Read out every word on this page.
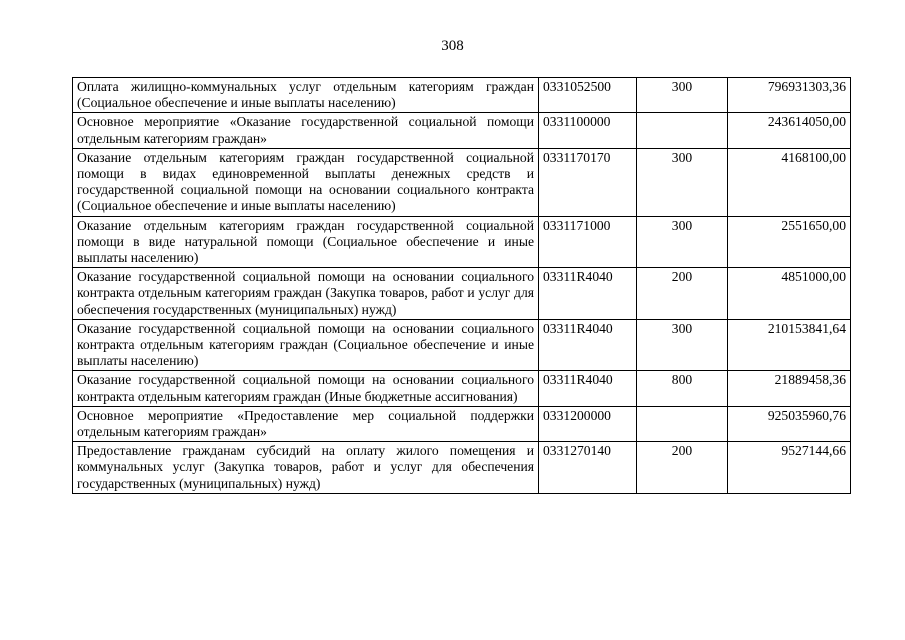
308
Оплата жилищно-коммунальных услуг отдельным категориям граждан (Социальное обеспечение и иные выплаты населению)	0331052500	300	796931303,36
Основное мероприятие «Оказание государственной социальной помощи отдельным категориям граждан»	0331100000		243614050,00
Оказание отдельным категориям граждан государственной социальной помощи в видах единовременной выплаты денежных средств и государственной социальной помощи на основании социального контракта (Социальное обеспечение и иные выплаты населению)	0331170170	300	4168100,00
Оказание отдельным категориям граждан государственной социальной помощи в виде натуральной помощи (Социальное обеспечение и иные выплаты населению)	0331171000	300	2551650,00
Оказание государственной социальной помощи на основании социального контракта отдельным категориям граждан (Закупка товаров, работ и услуг для обеспечения государственных (муниципальных) нужд)	03311R4040	200	4851000,00
Оказание государственной социальной помощи на основании социального контракта отдельным категориям граждан (Социальное обеспечение и иные выплаты населению)	03311R4040	300	210153841,64
Оказание государственной социальной помощи на основании социального контракта отдельным категориям граждан (Иные бюджетные ассигнования)	03311R4040	800	21889458,36
Основное мероприятие «Предоставление мер социальной поддержки отдельным категориям граждан»	0331200000		925035960,76
Предоставление гражданам субсидий на оплату жилого помещения и коммунальных услуг (Закупка товаров, работ и услуг для обеспечения государственных (муниципальных) нужд)	0331270140	200	9527144,66
